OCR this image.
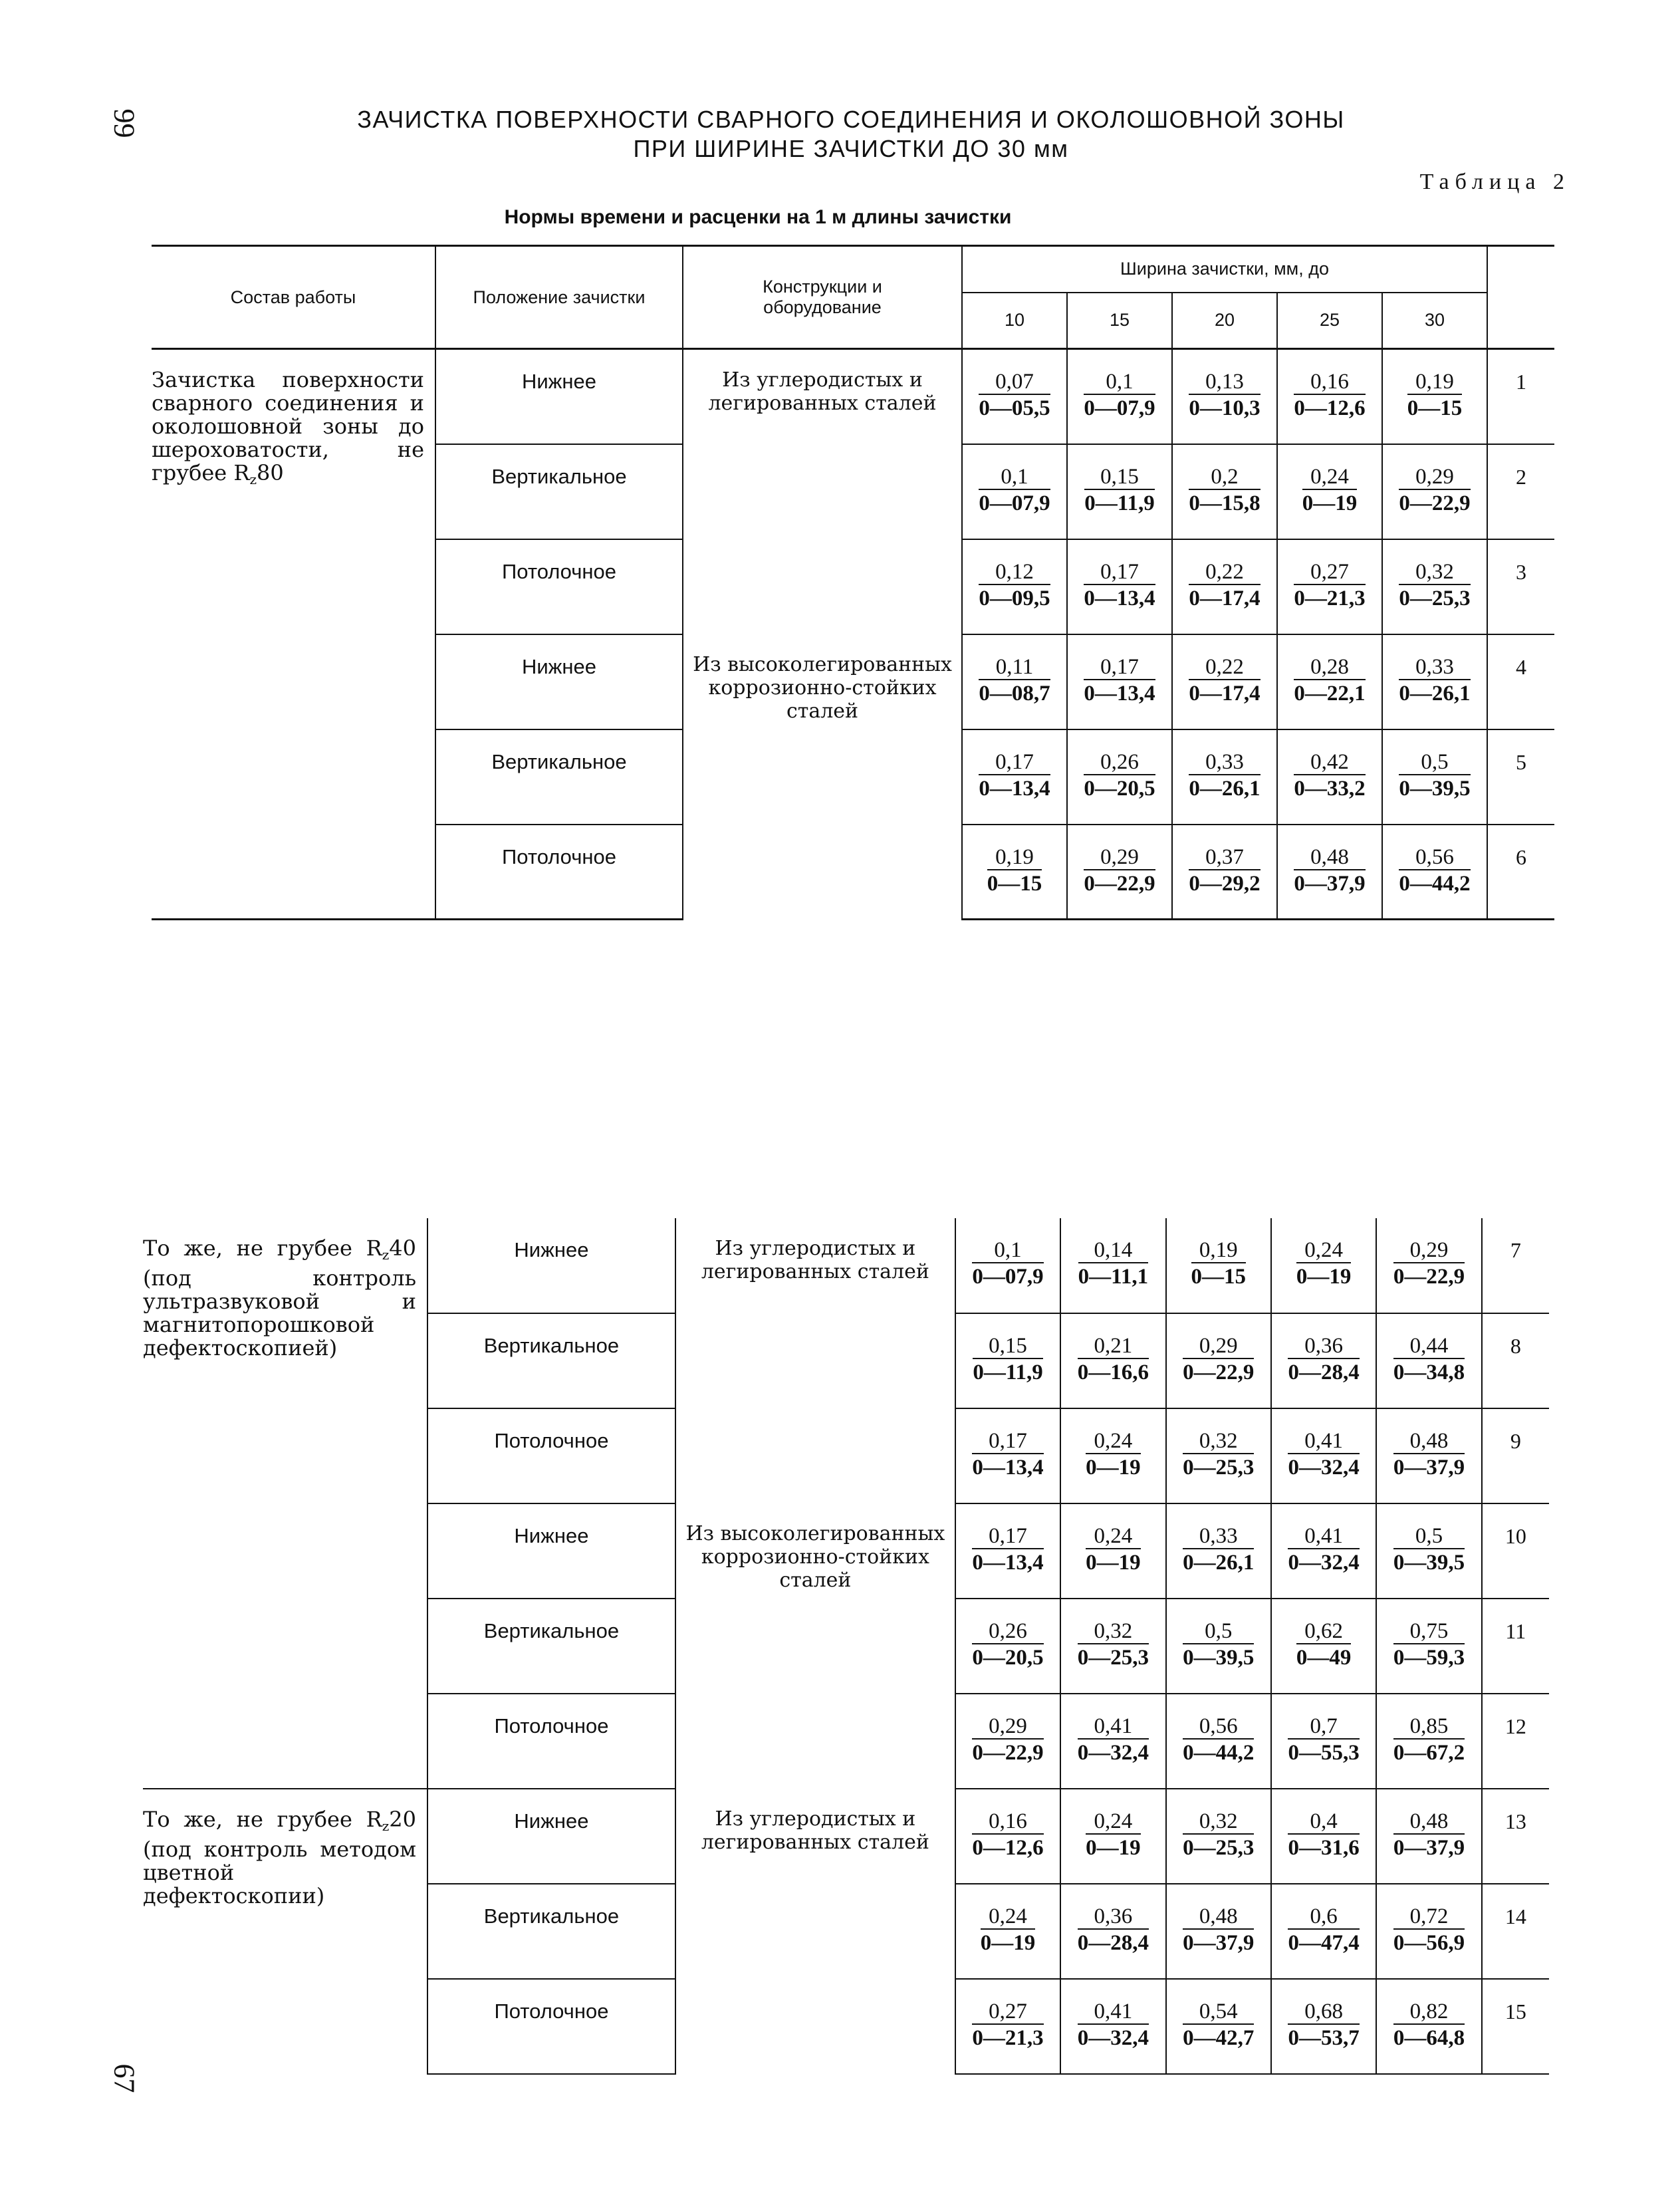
99	ЗАЧИСТКА ПОВЕРХНОСТИ СВАРНОГО СОЕДИНЕНИЯ И ОКОЛОШОВНОЙ ЗОНЫ
ПРИ ШИРИНЕ ЗАЧИСТКИ ДО 30 мм
Таблица 2
Нормы времени и расценки на 1 м длины зачистки
Состав работы	Положение зачистки	Конструкции и
оборудование	Ширина зачистки, мм, до					
			10	15	20	25	30	
Зачистка поверхности сварного соединения и околошовной зоны до шероховатости, не грубее $R_z80$	Нижнее	Из углеродистых и легированных сталей	$\frac{0,07}{0—05,5}$	$\frac{0,1}{0—07,9}$	$\frac{0,13}{0—10,3}$	$\frac{0,16}{0—12,6}$	$\frac{0,19}{0—15}$	1
	Вертикальное		$\frac{0,1}{0—07,9}$	$\frac{0,15}{0—11,9}$	$\frac{0,2}{0—15,8}$	$\frac{0,24}{0—19}$	$\frac{0,29}{0—22,9}$	2
	Потолочное		$\frac{0,12}{0—09,5}$	$\frac{0,17}{0—13,4}$	$\frac{0,22}{0—17,4}$	$\frac{0,27}{0—21,3}$	$\frac{0,32}{0—25,3}$	3
	Нижнее	Из высоколегированных коррозионно-стойких сталей	$\frac{0,11}{0—08,7}$	$\frac{0,17}{0—13,4}$	$\frac{0,22}{0—17,4}$	$\frac{0,28}{0—22,1}$	$\frac{0,33}{0—26,1}$	4
	Вертикальное		$\frac{0,17}{0—13,4}$	$\frac{0,26}{0—20,5}$	$\frac{0,33}{0—26,1}$	$\frac{0,42}{0—33,2}$	$\frac{0,5}{0—39,5}$	5
	Потолочное		$\frac{0,19}{0—15}$	$\frac{0,29}{0—22,9}$	$\frac{0,37}{0—29,2}$	$\frac{0,48}{0—37,9}$	$\frac{0,56}{0—44,2}$	6
То же, не грубее $R_z40$ (под контроль ультразвуковой и магнитопорошковой дефектоскопией)	Нижнее	Из углеродистых и легированных сталей	$\frac{0,1}{0—07,9}$	$\frac{0,14}{0—11,1}$	$\frac{0,19}{0—15}$	$\frac{0,24}{0—19}$	$\frac{0,29}{0—22,9}$	7
	Вертикальное		$\frac{0,15}{0—11,9}$	$\frac{0,21}{0—16,6}$	$\frac{0,29}{0—22,9}$	$\frac{0,36}{0—28,4}$	$\frac{0,44}{0—34,8}$	8
	Потолочное		$\frac{0,17}{0—13,4}$	$\frac{0,24}{0—19}$	$\frac{0,32}{0—25,3}$	$\frac{0,41}{0—32,4}$	$\frac{0,48}{0—37,9}$	9
	Нижнее	Из высоколегированных коррозионно-стойких сталей	$\frac{0,17}{0—13,4}$	$\frac{0,24}{0—19}$	$\frac{0,33}{0—26,1}$	$\frac{0,41}{0—32,4}$	$\frac{0,5}{0—39,5}$	10
	Вертикальное		$\frac{0,26}{0—20,5}$	$\frac{0,32}{0—25,3}$	$\frac{0,5}{0—39,5}$	$\frac{0,62}{0—49}$	$\frac{0,75}{0—59,3}$	11
	Потолочное		$\frac{0,29}{0—22,9}$	$\frac{0,41}{0—32,4}$	$\frac{0,56}{0—44,2}$	$\frac{0,7}{0—55,3}$	$\frac{0,85}{0—67,2}$	12
То же, не грубее $R_z20$ (под контроль методом цветной дефектоскопии)	Нижнее	Из углеродистых и легированных сталей	$\frac{0,16}{0—12,6}$	$\frac{0,24}{0—19}$	$\frac{0,32}{0—25,3}$	$\frac{0,4}{0—31,6}$	$\frac{0,48}{0—37,9}$	13
	Вертикальное		$\frac{0,24}{0—19}$	$\frac{0,36}{0—28,4}$	$\frac{0,48}{0—37,9}$	$\frac{0,6}{0—47,4}$	$\frac{0,72}{0—56,9}$	14
	Потолочное		$\frac{0,27}{0—21,3}$	$\frac{0,41}{0—32,4}$	$\frac{0,54}{0—42,7}$	$\frac{0,68}{0—53,7}$	$\frac{0,82}{0—64,8}$	15
67
